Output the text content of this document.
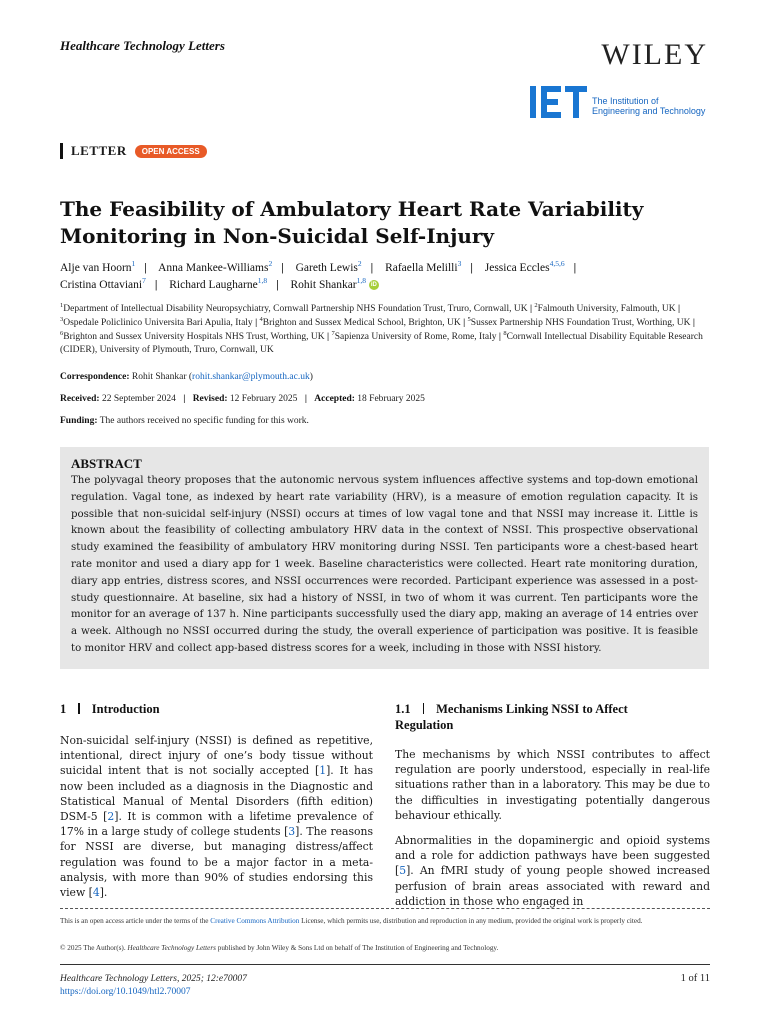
Healthcare Technology Letters	WILEY
The Institution of
Engineering and Technology
LETTER	OPEN ACCESS
The Feasibility of Ambulatory Heart Rate Variability
Monitoring in Non-Suicidal Self-Injury
Alje van Hoorn$^1$ | Anna Mankee-Williams$^2$ | Gareth Lewis$^2$ | Rafaella Melilli$^3$ | Jessica Eccles$^{4,5,6}$ |
Cristina Ottaviani$^7$ | Richard Laugharne$^{1,8}$ | Rohit Shankar$^{1,8}$ iD
$^1$Department of Intellectual Disability Neuropsychiatry, Cornwall Partnership NHS Foundation Trust, Truro, Cornwall, UK | $^2$Falmouth University, Falmouth, UK | $^3$Ospedale Policlinico Universita Bari Apulia, Italy | $^4$Brighton and Sussex Medical School, Brighton, UK | $^5$Sussex Partnership NHS Foundation Trust, Worthing, UK | $^6$Brighton and Sussex University Hospitals NHS Trust, Worthing, UK | $^7$Sapienza University of Rome, Rome, Italy | $^8$Cornwall Intellectual Disability Equitable Research (CIDER), University of Plymouth, Truro, Cornwall, UK
Correspondence: Rohit Shankar (rohit.shankar@plymouth.ac.uk)
Received: 22 September 2024 | Revised: 12 February 2025 | Accepted: 18 February 2025
Funding: The authors received no specific funding for this work.
ABSTRACT
The polyvagal theory proposes that the autonomic nervous system influences affective systems and top-down emotional regulation. Vagal tone, as indexed by heart rate variability (HRV), is a measure of emotion regulation capacity. It is possible that non-suicidal self-injury (NSSI) occurs at times of low vagal tone and that NSSI may increase it. Little is known about the feasibility of collecting ambulatory HRV data in the context of NSSI. This prospective observational study examined the feasibility of ambulatory HRV monitoring during NSSI. Ten participants wore a chest-based heart rate monitor and used a diary app for 1 week. Baseline characteristics were collected. Heart rate monitoring duration, diary app entries, distress scores, and NSSI occurrences were recorded. Participant experience was assessed in a post-study questionnaire. At baseline, six had a history of NSSI, in two of whom it was current. Ten participants wore the monitor for an average of 137 h. Nine participants successfully used the diary app, making an average of 14 entries over a week. Although no NSSI occurred during the study, the overall experience of participation was positive. It is feasible to monitor HRV and collect app-based distress scores for a week, including in those with NSSI history.
1 Introduction

Non-suicidal self-injury (NSSI) is defined as repetitive, intentional, direct injury of one’s body tissue without suicidal intent that is not socially accepted [1]. It has now been included as a diagnosis in the Diagnostic and Statistical Manual of Mental Disorders (fifth edition) DSM-5 [2]. It is common with a lifetime prevalence of 17% in a large study of college students [3]. The reasons for NSSI are diverse, but managing distress/affect regulation was found to be a major factor in a meta-analysis, with more than 90% of studies endorsing this view [4].

1.1 Mechanisms Linking NSSI to Affect
Regulation

The mechanisms by which NSSI contributes to affect regulation are poorly understood, especially in real-life situations rather than in a laboratory. This may be due to the difficulties in investigating potentially dangerous behaviour ethically.

Abnormalities in the dopaminergic and opioid systems and a role for addiction pathways have been suggested [5]. An fMRI study of young people showed increased perfusion of brain areas associated with reward and addiction in those who engaged in

This is an open access article under the terms of the Creative Commons Attribution License, which permits use, distribution and reproduction in any medium, provided the original work is properly cited.
© 2025 The Author(s). Healthcare Technology Letters published by John Wiley & Sons Ltd on behalf of The Institution of Engineering and Technology.
Healthcare Technology Letters, 2025; 12:e70007
https://doi.org/10.1049/htl2.70007
1 of 11
